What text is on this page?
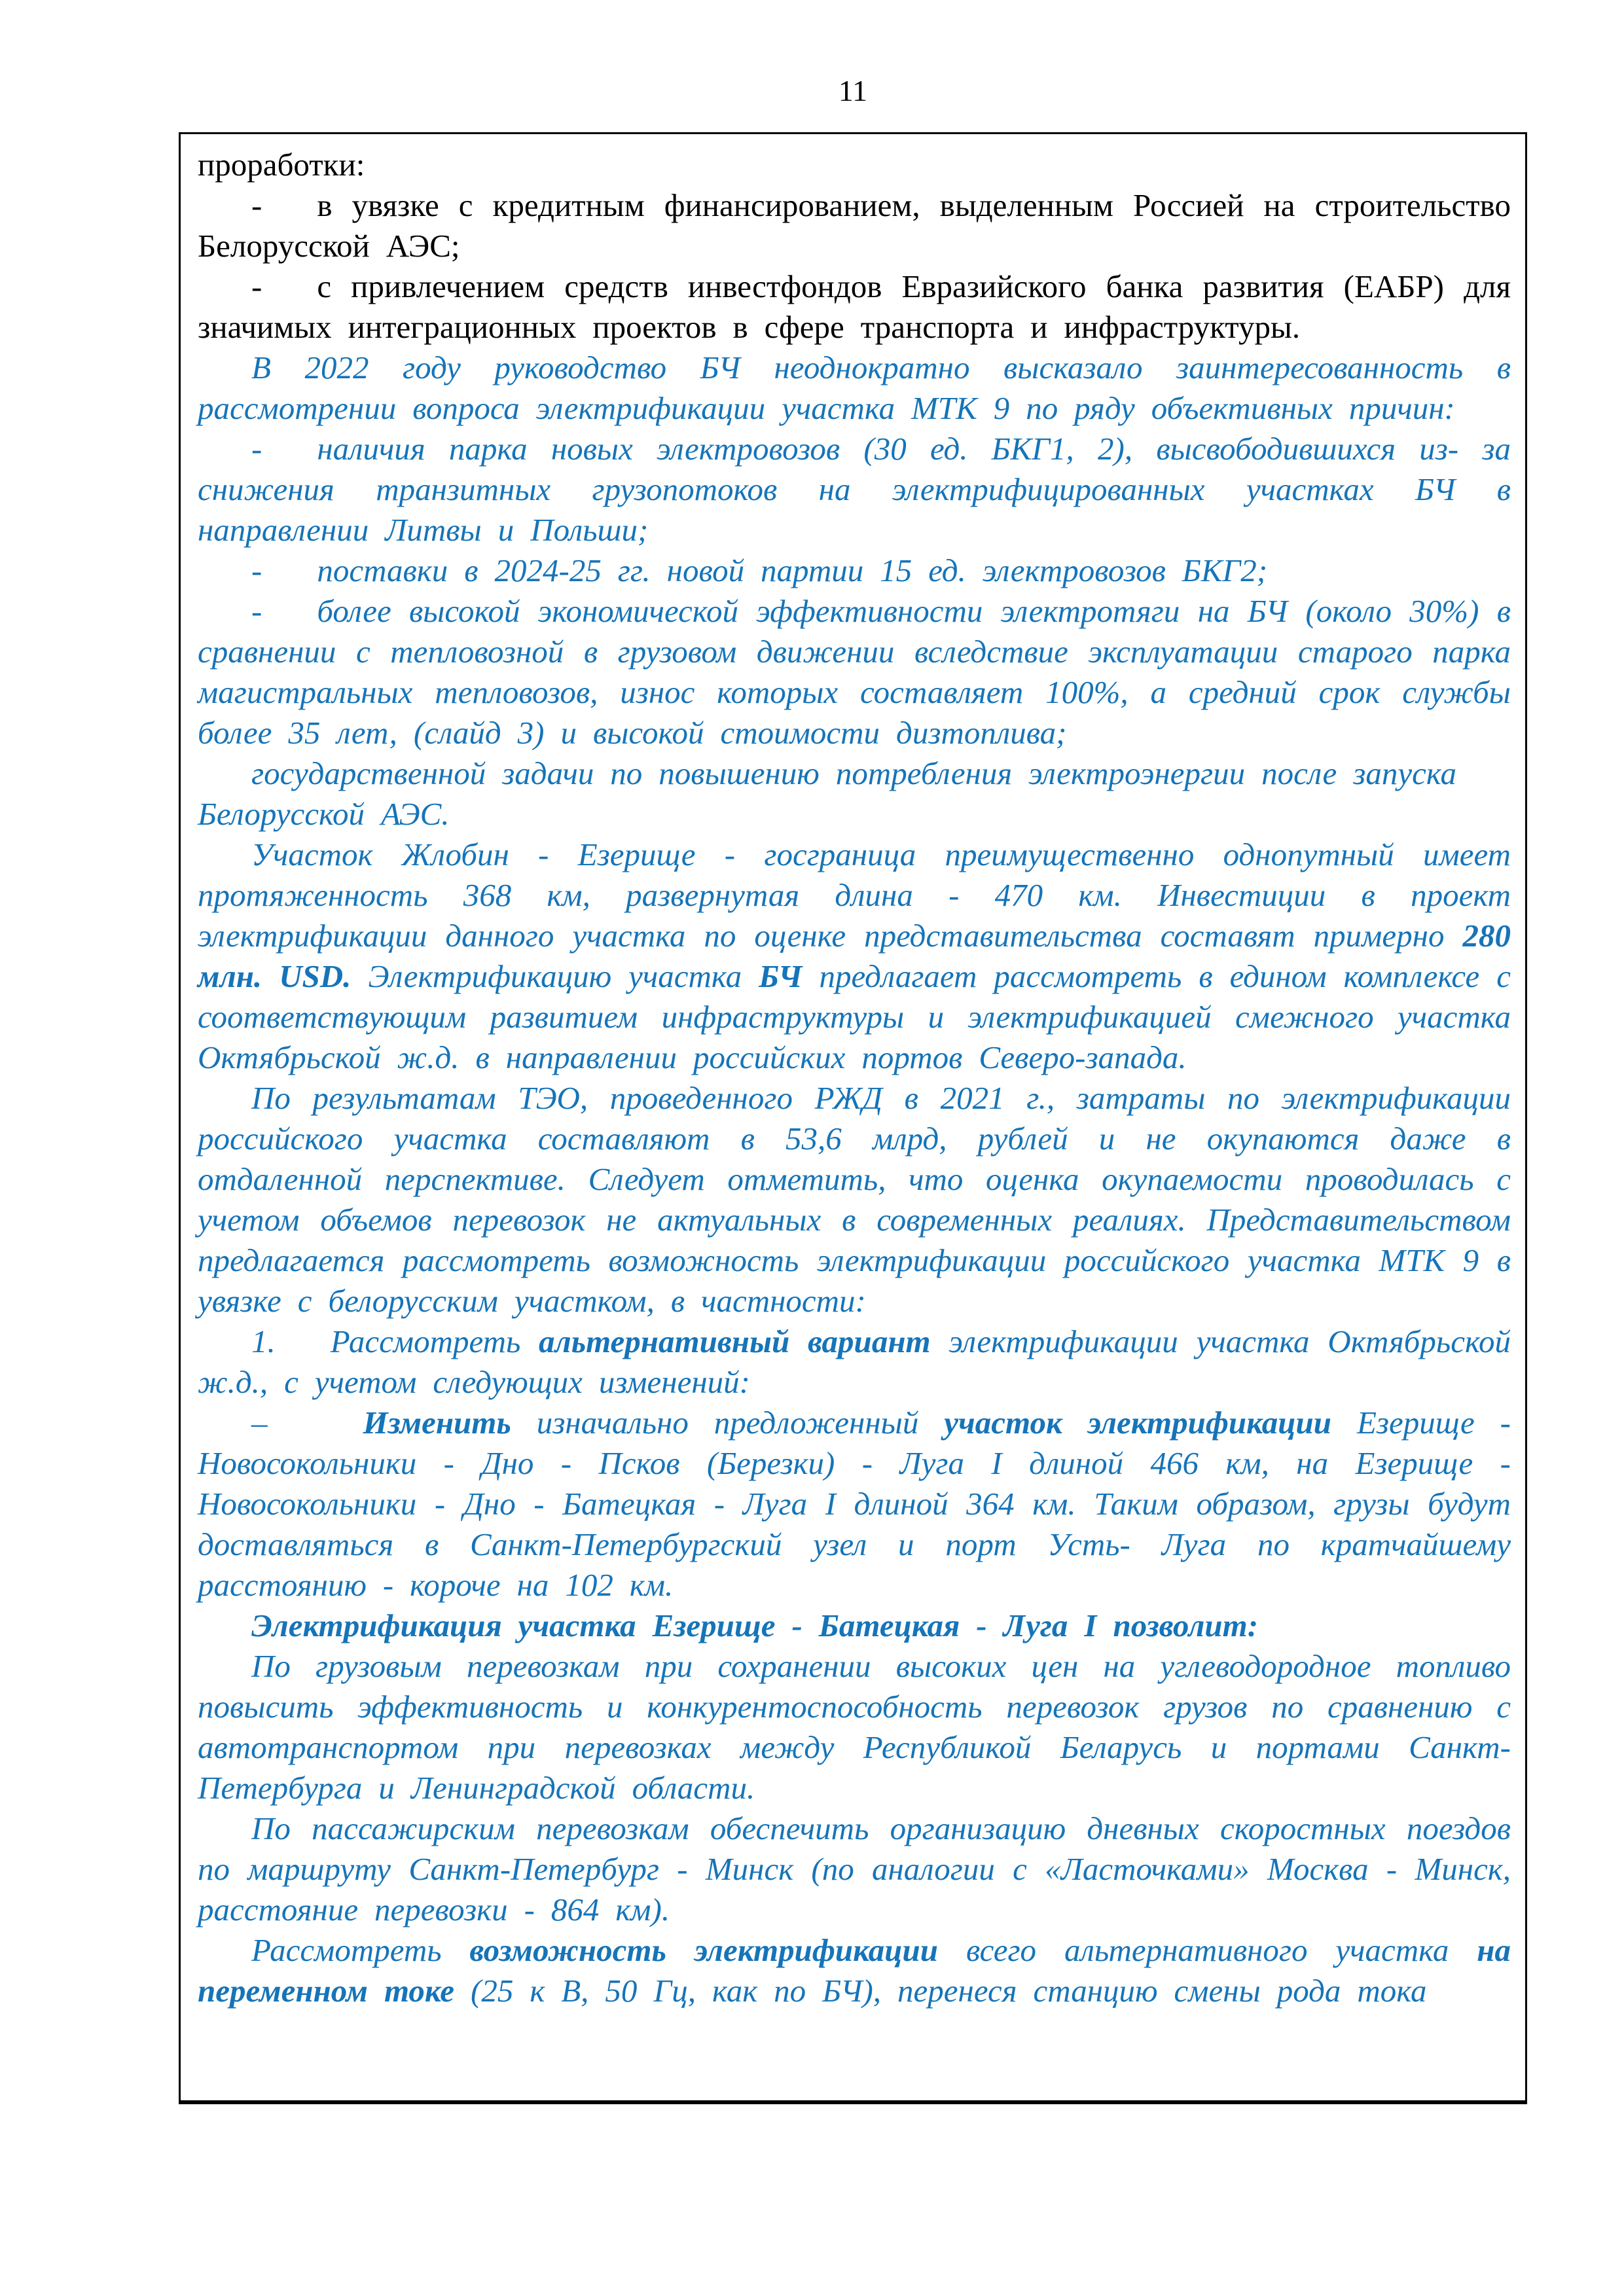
11

проработки:

- в увязке с кредитным финансированием, выделенным Россией на строительство Белорусской АЭС;

- с привлечением средств инвестфондов Евразийского банка развития (ЕАБР) для значимых интеграционных проектов в сфере транспорта и инфраструктуры.

В 2022 году руководство БЧ неоднократно высказало заинтересованность в рассмотрении вопроса электрификации участка МТК 9 по ряду объективных причин:

- наличия парка новых электровозов (30 ед. БКГ1, 2), высвободившихся из- за снижения транзитных грузопотоков на электрифицированных участках БЧ в направлении Литвы и Польши;

- поставки в 2024-25 гг. новой партии 15 ед. электровозов БКГ2;

- более высокой экономической эффективности электротяги на БЧ (около 30%) в сравнении с тепловозной в грузовом движении вследствие эксплуатации старого парка магистральных тепловозов, износ которых составляет 100%, а средний срок службы более 35 лет, (слайд 3) и высокой стоимости дизтоплива;

государственной задачи по повышению потребления электроэнергии после запуска Белорусской АЭС.

Участок Жлобин - Езерище - госграница преимущественно однопутный имеет протяженность 368 км, развернутая длина - 470 км. Инвестиции в проект электрификации данного участка по оценке представительства составят примерно 280 млн. USD. Электрификацию участка БЧ предлагает рассмотреть в едином комплексе с соответствующим развитием инфраструктуры и электрификацией смежного участка Октябрьской ж.д. в направлении российских портов Северо-запада.

По результатам ТЭО, проведенного РЖД в 2021 г., затраты по электрификации российского участка составляют в 53,6 млрд, рублей и не окупаются даже в отдаленной перспективе. Следует отметить, что оценка окупаемости проводилась с учетом объемов перевозок не актуальных в современных реалиях. Представительством предлагается рассмотреть возможность электрификации российского участка МТК 9 в увязке с белорусским участком, в частности:

1. Рассмотреть альтернативный вариант электрификации участка Октябрьской ж.д., с учетом следующих изменений:

–	Изменить изначально предложенный участок электрификации Езерище - Новосокольники - Дно - Псков (Березки) - Луга I длиной 466 км, на Езерище - Новосокольники - Дно - Батецкая - Луга I длиной 364 км. Таким образом, грузы будут доставляться в Санкт-Петербургский узел и порт Усть- Луга по кратчайшему расстоянию - короче на 102 км.

Электрификация участка Езерище - Батецкая - Луга I позволит:

По грузовым перевозкам при сохранении высоких цен на углеводородное топливо повысить эффективность и конкурентоспособность перевозок грузов по сравнению с автотранспортом при перевозках между Республикой Беларусь и портами Санкт-Петербурга и Ленинградской области.

По пассажирским перевозкам обеспечить организацию дневных скоростных поездов по маршруту Санкт-Петербург - Минск (по аналогии с «Ласточками» Москва - Минск, расстояние перевозки - 864 км).

Рассмотреть возможность электрификации всего альтернативного участка на переменном токе (25 к В, 50 Гц, как по БЧ), перенеся станцию смены рода тока
